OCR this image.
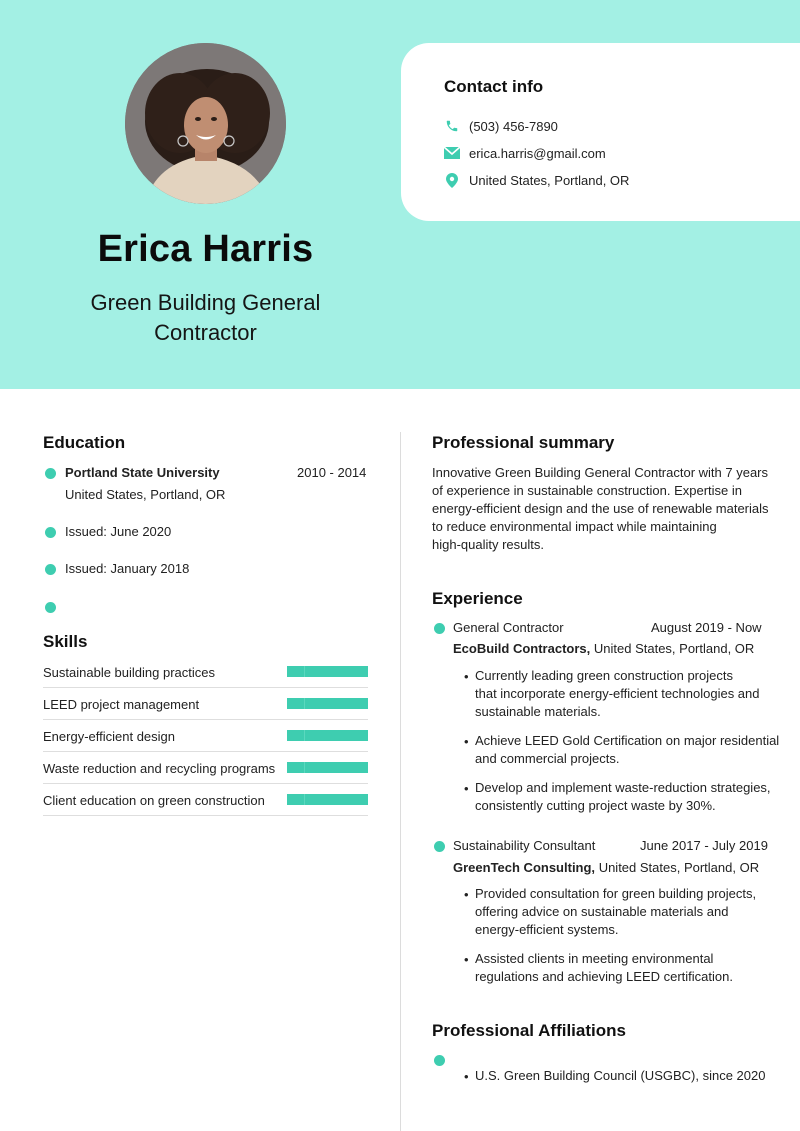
Erica Harris
Green Building General Contractor
Contact info
(503) 456-7890
erica.harris@gmail.com
United States, Portland, OR
Education
Portland State University	2010 - 2014
United States, Portland, OR
Issued: June 2020
Issued: January 2018
Skills
Sustainable building practices
LEED project management
Energy-efficient design
Waste reduction and recycling programs
Client education on green construction
Professional summary
Innovative Green Building General Contractor with 7 years
of experience in sustainable construction. Expertise in
energy-efficient design and the use of renewable materials
to reduce environmental impact while maintaining
high-quality results.
Experience
General Contractor	August 2019 - Now
EcoBuild Contractors, United States, Portland, OR
• Currently leading green construction projects
that incorporate energy-efficient technologies and
sustainable materials.
• Achieve LEED Gold Certification on major residential
and commercial projects.
• Develop and implement waste-reduction strategies,
consistently cutting project waste by 30%.
Sustainability Consultant	June 2017 - July 2019
GreenTech Consulting, United States, Portland, OR
• Provided consultation for green building projects,
offering advice on sustainable materials and
energy-efficient systems.
• Assisted clients in meeting environmental
regulations and achieving LEED certification.
Professional Affiliations
• U.S. Green Building Council (USGBC), since 2020
